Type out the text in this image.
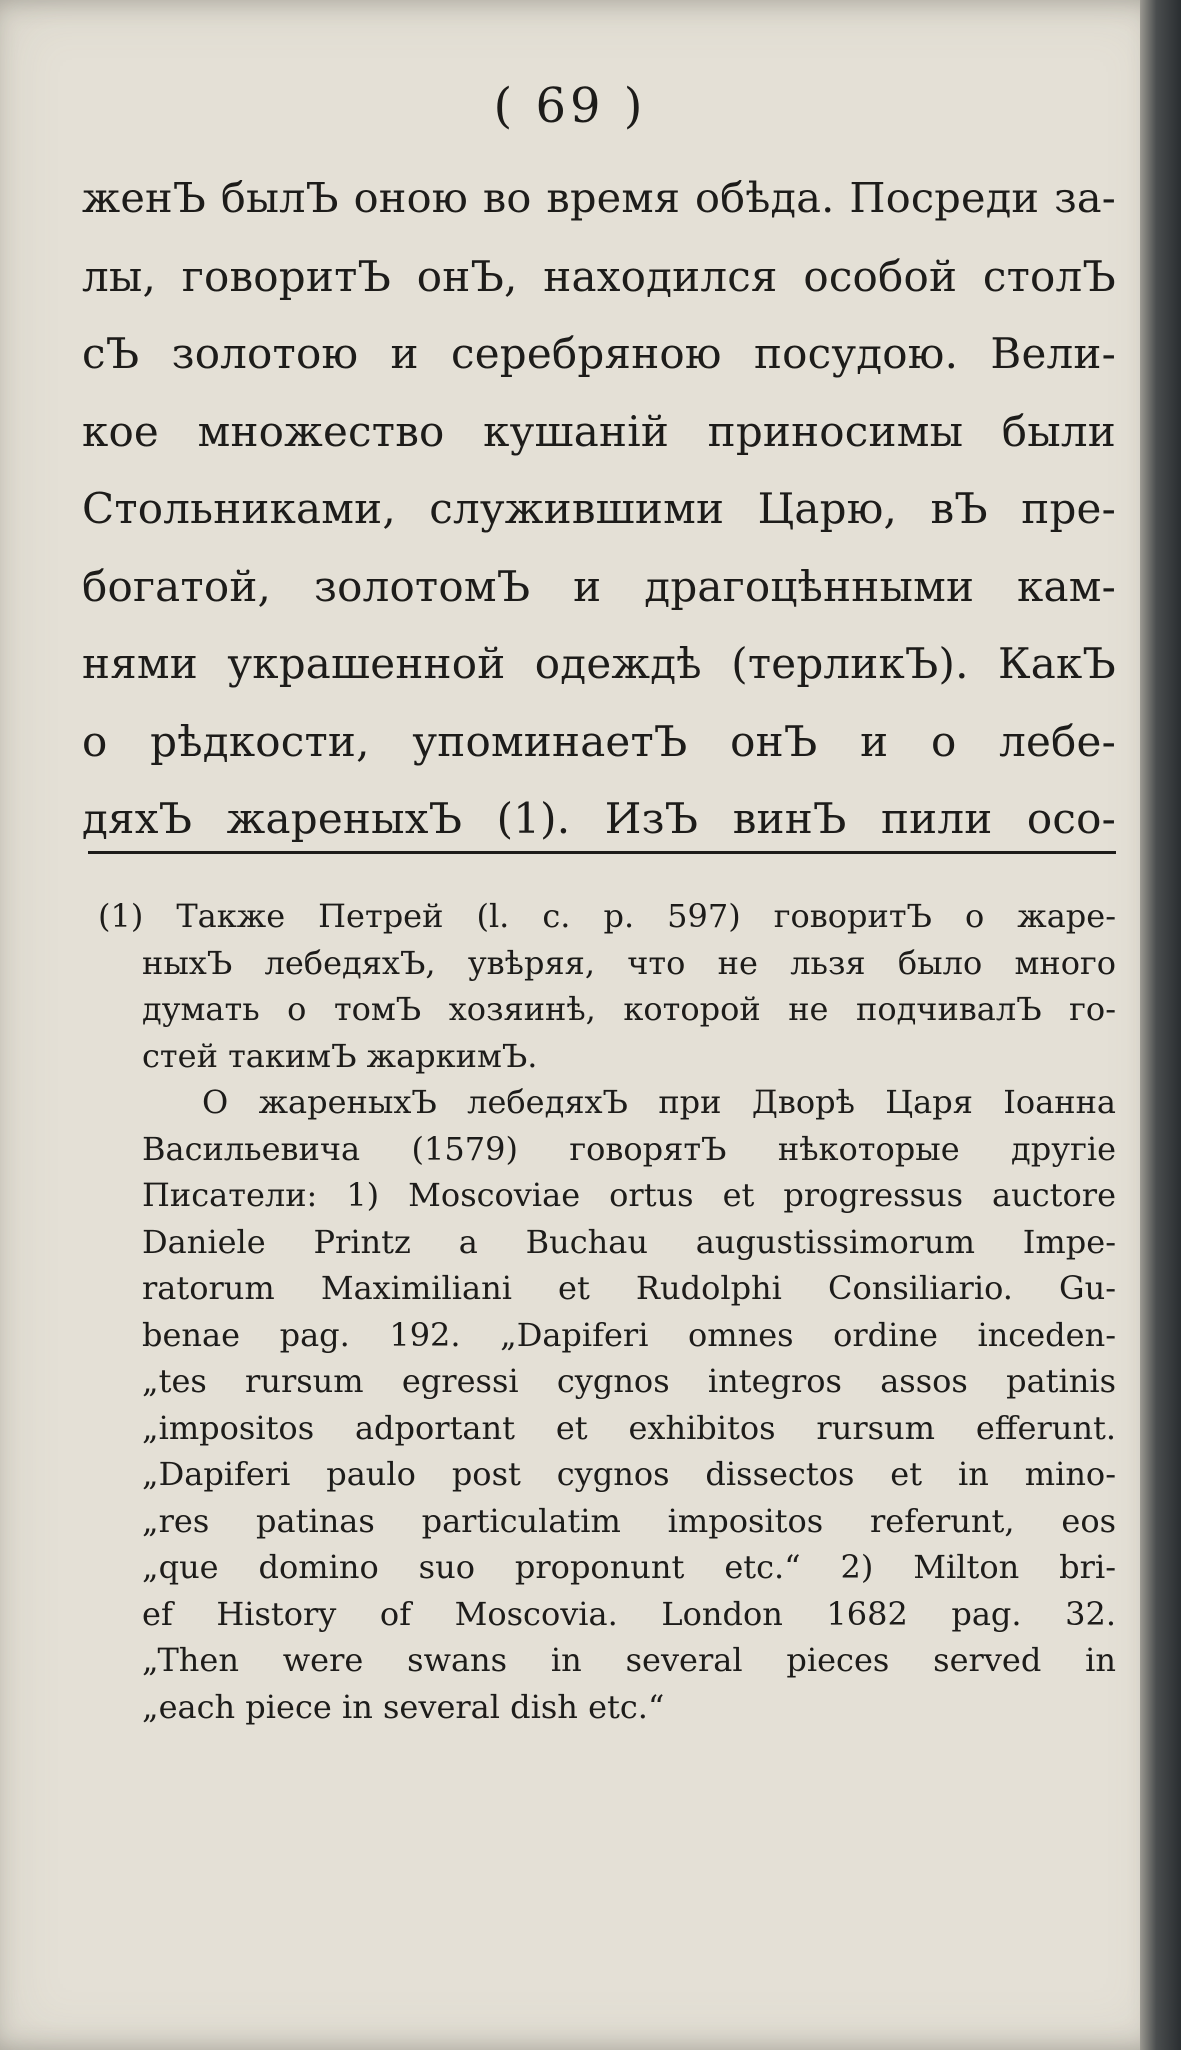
( 69 )
женЪ былЪ оною во время обѣда. Посреди за-
лы, говоритЪ онЪ, находился особой столЪ
сЪ золотою и серебряною посудою. Вели-
кое множество кушанiй приносимы были
Стольниками, служившими Царю, вЪ пре-
богатой, золотомЪ и драгоцѣнными кам-
нями украшенной одеждѣ (терликЪ). КакЪ
о рѣдкости, упоминаетЪ онЪ и о лебе-
дяхЪ жареныхЪ (1). ИзЪ винЪ пили осо-
(1) Также Петрей (l. c. p. 597) говоритЪ о жаре-
ныхЪ лебедяхЪ, увѣряя, что не льзя было много
думать о томЪ хозяинѣ, которой не подчивалЪ го-
стей такимЪ жаркимЪ.
О жареныхЪ лебедяхЪ при Дворѣ Царя Iоанна
Васильевича (1579) говорятЪ нѣкоторые другiе
Писатели: 1) Moscoviae ortus et progressus auctore
Daniele Printz a Buchau augustissimorum Impe-
ratorum Maximiliani et Rudolphi Consiliario. Gu-
benae pag. 192. „Dapiferi omnes ordine inceden-
„tes rursum egressi cygnos integros assos patinis
„impositos adportant et exhibitos rursum efferunt.
„Dapiferi paulo post cygnos dissectos et in mino-
„res patinas particulatim impositos referunt, eos
„que domino suo proponunt etc.“ 2) Milton bri-
ef History of Moscovia. London 1682 pag. 32.
„Then were swans in several pieces served in
„each piece in several dish etc.“
